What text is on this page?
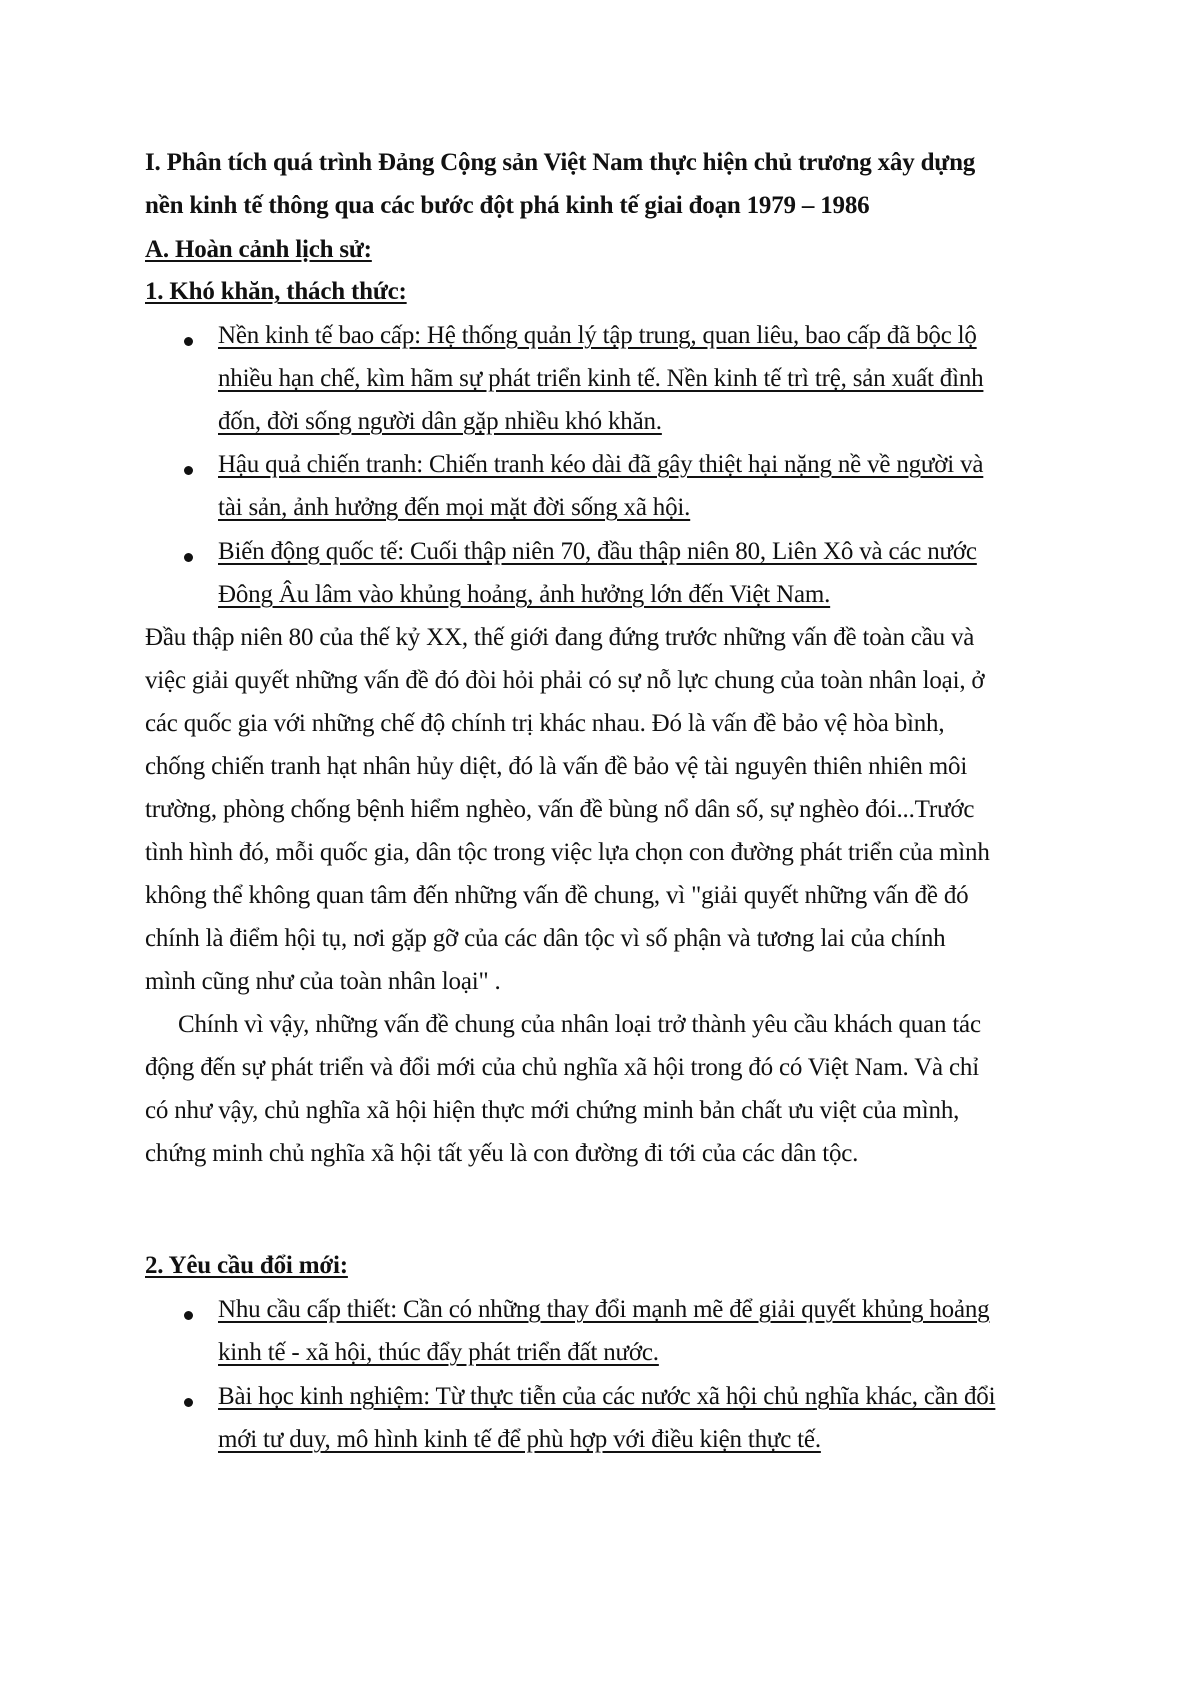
I. Phân tích quá trình Đảng Cộng sản Việt Nam thực hiện chủ trương xây dựng
nền kinh tế thông qua các bước đột phá kinh tế giai đoạn 1979 – 1986
A. Hoàn cảnh lịch sử:
1. Khó khăn, thách thức:
Nền kinh tế bao cấp: Hệ thống quản lý tập trung, quan liêu, bao cấp đã bộc lộ
nhiều hạn chế, kìm hãm sự phát triển kinh tế. Nền kinh tế trì trệ, sản xuất đình
đốn, đời sống người dân gặp nhiều khó khăn.
Hậu quả chiến tranh: Chiến tranh kéo dài đã gây thiệt hại nặng nề về người và
tài sản, ảnh hưởng đến mọi mặt đời sống xã hội.
Biến động quốc tế: Cuối thập niên 70, đầu thập niên 80, Liên Xô và các nước
Đông Âu lâm vào khủng hoảng, ảnh hưởng lớn đến Việt Nam.
Đầu thập niên 80 của thế kỷ XX, thế giới đang đứng trước những vấn đề toàn cầu và
việc giải quyết những vấn đề đó đòi hỏi phải có sự nỗ lực chung của toàn nhân loại, ở
các quốc gia với những chế độ chính trị khác nhau. Đó là vấn đề bảo vệ hòa bình,
chống chiến tranh hạt nhân hủy diệt, đó là vấn đề bảo vệ tài nguyên thiên nhiên môi
trường, phòng chống bệnh hiểm nghèo, vấn đề bùng nổ dân số, sự nghèo đói...Trước
tình hình đó, mỗi quốc gia, dân tộc trong việc lựa chọn con đường phát triển của mình
không thể không quan tâm đến những vấn đề chung, vì "giải quyết những vấn đề đó
chính là điểm hội tụ, nơi gặp gỡ của các dân tộc vì số phận và tương lai của chính
mình cũng như của toàn nhân loại" .
Chính vì vậy, những vấn đề chung của nhân loại trở thành yêu cầu khách quan tác
động đến sự phát triển và đổi mới của chủ nghĩa xã hội trong đó có Việt Nam. Và chỉ
có như vậy, chủ nghĩa xã hội hiện thực mới chứng minh bản chất ưu việt của mình,
chứng minh chủ nghĩa xã hội tất yếu là con đường đi tới của các dân tộc.
2. Yêu cầu đổi mới:
Nhu cầu cấp thiết: Cần có những thay đổi mạnh mẽ để giải quyết khủng hoảng
kinh tế - xã hội, thúc đẩy phát triển đất nước.
Bài học kinh nghiệm: Từ thực tiễn của các nước xã hội chủ nghĩa khác, cần đổi
mới tư duy, mô hình kinh tế để phù hợp với điều kiện thực tế.
